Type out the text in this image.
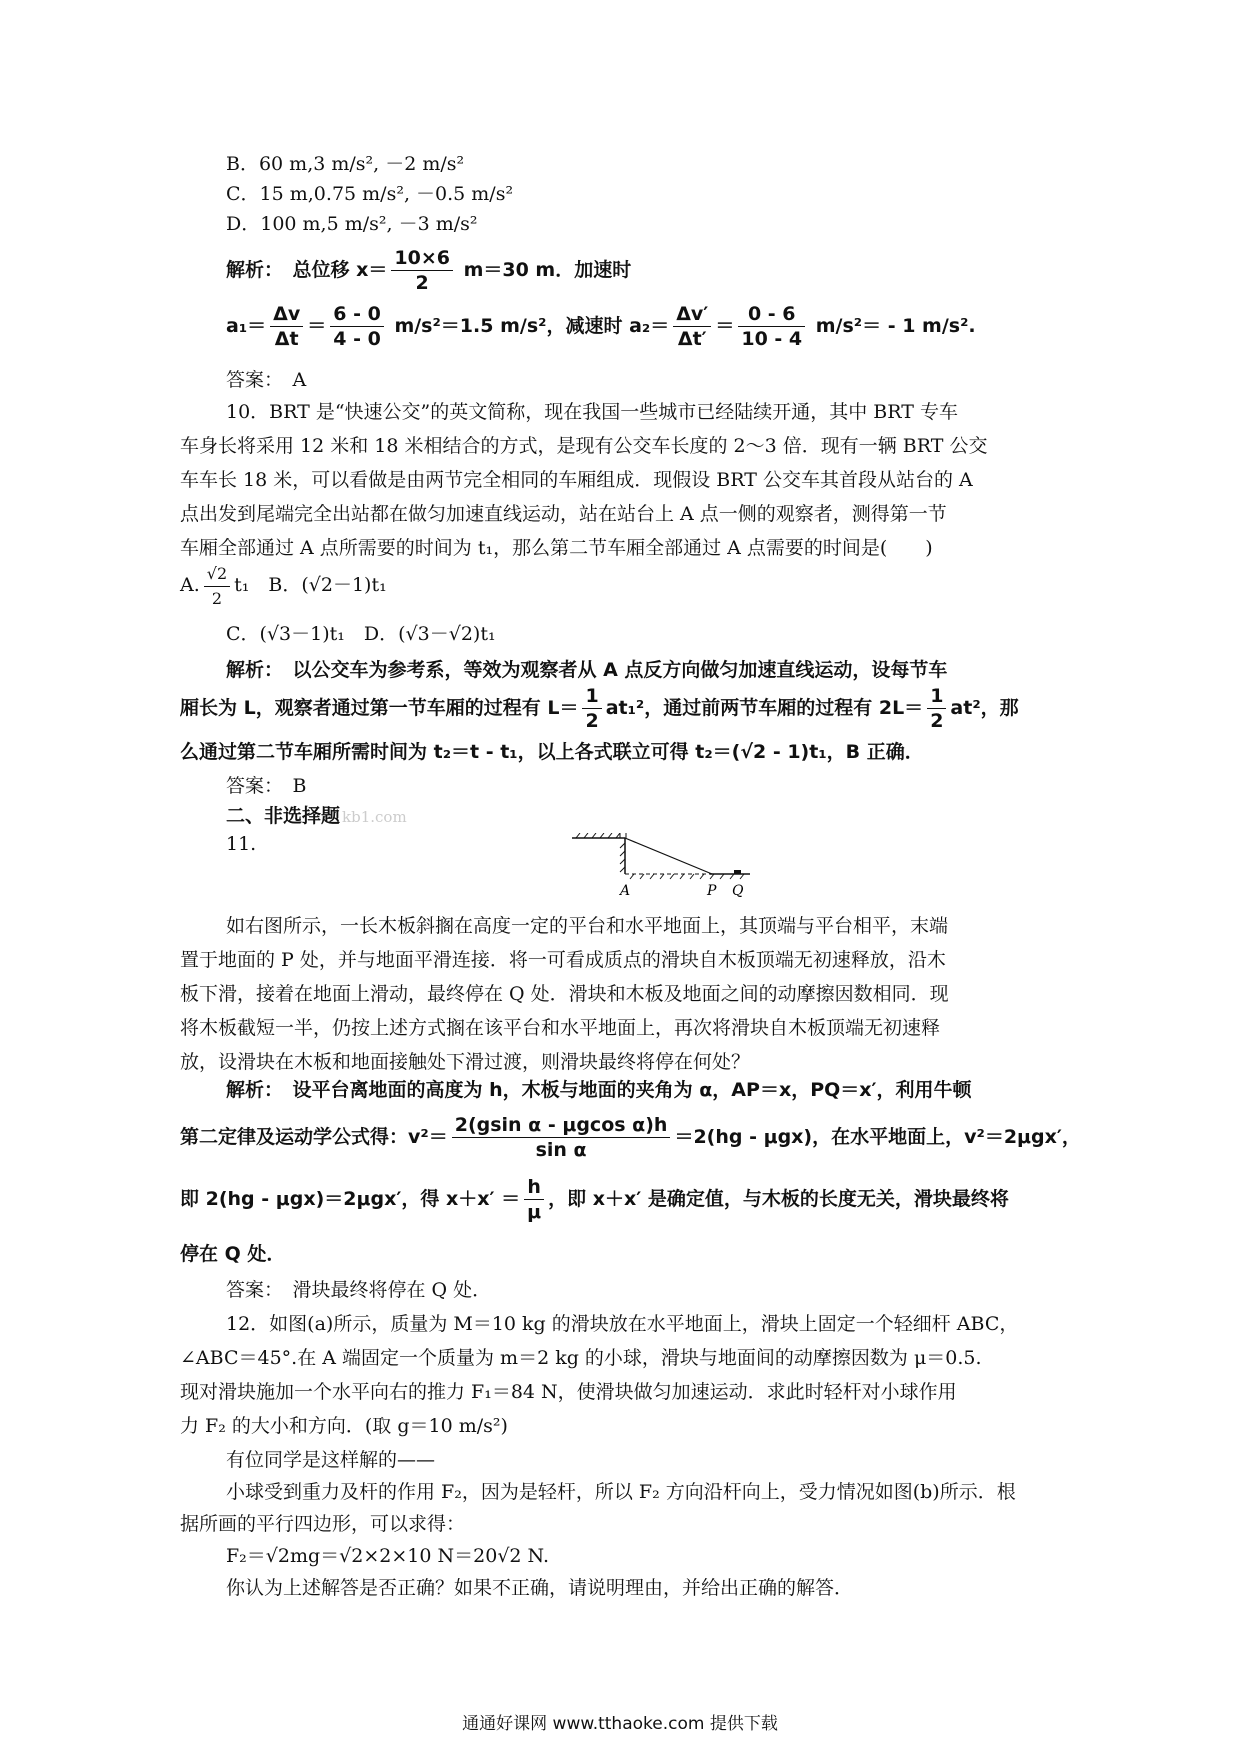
B．60 m,3 m/s², －2 m/s²
C．15 m,0.75 m/s², －0.5 m/s²
D．100 m,5 m/s², －3 m/s²
解析：　总位移 $x= \frac{10\times 6}{2} m=30$ m．加速时
$a_1= \frac{\Delta v}{\Delta t} = \frac{6 - 0}{4 - 0} m/s^2=1.5$ m/s²，减速时 $a_2= \frac{\Delta v'}{\Delta t'} = \frac{0 - 6}{10 - 4} m/s^2= - 1$ m/s².
答案：　A
10．BRT 是“快速公交”的英文简称，现在我国一些城市已经陆续开通，其中 BRT 专车
车身长将采用 12 米和 18 米相结合的方式，是现有公交车长度的 2～3 倍．现有一辆 BRT 公交
车车长 18 米，可以看做是由两节完全相同的车厢组成．现假设 BRT 公交车其首段从站台的 A
点出发到尾端完全出站都在做匀加速直线运动，站在站台上 A 点一侧的观察者，测得第一节
车厢全部通过 A 点所需要的时间为 t₁，那么第二节车厢全部通过 A 点需要的时间是(　　)
A. $\frac{√2}{2} t_1$　B．(√2－1)t₁
C．(√3－1)t₁　D．(√3－√2)t₁
解析：　以公交车为参考系，等效为观察者从 A 点反方向做匀加速直线运动，设每节车
厢长为 L，观察者通过第一节车厢的过程有 $L= \frac{1}{2} at_1^2$，通过前两节车厢的过程有 $2L= \frac{1}{2} at^2$，那
么通过第二节车厢所需时间为 t₂＝t - t₁，以上各式联立可得 t₂＝(√2 - 1)t₁，B 正确．
答案：　B
二、非选择题 kb1.com
11.
A	P Q
如右图所示，一长木板斜搁在高度一定的平台和水平地面上，其顶端与平台相平，末端
置于地面的 P 处，并与地面平滑连接．将一可看成质点的滑块自木板顶端无初速释放，沿木
板下滑，接着在地面上滑动，最终停在 Q 处．滑块和木板及地面之间的动摩擦因数相同．现
将木板截短一半，仍按上述方式搁在该平台和水平地面上，再次将滑块自木板顶端无初速释
放，设滑块在木板和地面接触处下滑过渡，则滑块最终将停在何处？
解析：　设平台离地面的高度为 h，木板与地面的夹角为 α，AP＝x，PQ＝x′，利用牛顿
第二定律及运动学公式得：$v^2= \frac{\text{2(gsin α - μgcos α)h}}{\text{sin α}} =2(hg - \mu gx)$，在水平地面上，v²＝2μgx′，
即 2(hg - μgx)＝2μgx′，得 $x+x' = \frac{h}{\mu}$ ，即 x＋x′ 是确定值，与木板的长度无关，滑块最终将
停在 Q 处．
答案：　滑块最终将停在 Q 处．
12．如图(a)所示，质量为 M＝10 kg 的滑块放在水平地面上，滑块上固定一个轻细杆 ABC，
∠ABC＝45°.在 A 端固定一个质量为 m＝2 kg 的小球，滑块与地面间的动摩擦因数为 μ＝0.5.
现对滑块施加一个水平向右的推力 F₁＝84 N，使滑块做匀加速运动．求此时轻杆对小球作用
力 F₂ 的大小和方向．(取 g＝10 m/s²)
有位同学是这样解的——
小球受到重力及杆的作用 F₂，因为是轻杆，所以 F₂ 方向沿杆向上，受力情况如图(b)所示．根
据所画的平行四边形，可以求得：
F₂＝√2mg＝√2×2×10 N＝20√2 N.
你认为上述解答是否正确？如果不正确，请说明理由，并给出正确的解答．
通通好课网 www.tthaoke.com 提供下载
